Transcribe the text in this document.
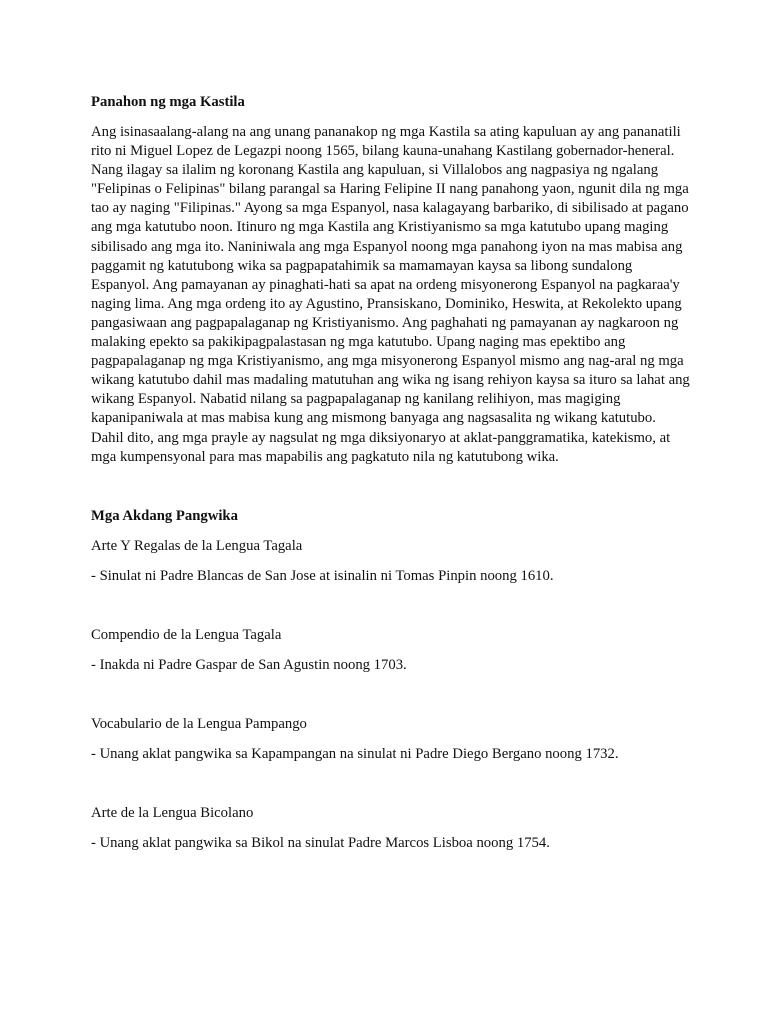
Panahon ng mga Kastila

Ang isinasaalang-alang na ang unang pananakop ng mga Kastila sa ating kapuluan ay ang pananatili rito ni Miguel Lopez de Legazpi noong 1565, bilang kauna-unahang Kastilang gobernador-heneral. Nang ilagay sa ilalim ng koronang Kastila ang kapuluan, si Villalobos ang nagpasiya ng ngalang "Felipinas o Felipinas" bilang parangal sa Haring Felipine II nang panahong yaon, ngunit dila ng mga tao ay naging "Filipinas." Ayong sa mga Espanyol, nasa kalagayang barbariko, di sibilisado at pagano ang mga katutubo noon. Itinuro ng mga Kastila ang Kristiyanismo sa mga katutubo upang maging sibilisado ang mga ito. Naniniwala ang mga Espanyol noong mga panahong iyon na mas mabisa ang paggamit ng katutubong wika sa pagpapatahimik sa mamamayan kaysa sa libong sundalong Espanyol. Ang pamayanan ay pinaghati-hati sa apat na ordeng misyonerong Espanyol na pagkaraa'y naging lima. Ang mga ordeng ito ay Agustino, Pransiskano, Dominiko, Heswita, at Rekolekto upang pangasiwaan ang pagpapalaganap ng Kristiyanismo. Ang paghahati ng pamayanan ay nagkaroon ng malaking epekto sa pakikipagpalastasan ng mga katutubo. Upang naging mas epektibo ang pagpapalaganap ng mga Kristiyanismo, ang mga misyonerong Espanyol mismo ang nag-aral ng mga wikang katutubo dahil mas madaling matutuhan ang wika ng isang rehiyon kaysa sa ituro sa lahat ang wikang Espanyol. Nabatid nilang sa pagpapalaganap ng kanilang relihiyon, mas magiging kapanipaniwala at mas mabisa kung ang mismong banyaga ang nagsasalita ng wikang katutubo. Dahil dito, ang mga prayle ay nagsulat ng mga diksiyonaryo at aklat-panggramatika, katekismo, at mga kumpensyonal para mas mapabilis ang pagkatuto nila ng katutubong wika.

Mga Akdang Pangwika

Arte Y Regalas de la Lengua Tagala

- Sinulat ni Padre Blancas de San Jose at isinalin ni Tomas Pinpin noong 1610.

Compendio de la Lengua Tagala

- Inakda ni Padre Gaspar de San Agustin noong 1703.

Vocabulario de la Lengua Pampango

- Unang aklat pangwika sa Kapampangan na sinulat ni Padre Diego Bergano noong 1732.

Arte de la Lengua Bicolano

- Unang aklat pangwika sa Bikol na sinulat Padre Marcos Lisboa noong 1754.
